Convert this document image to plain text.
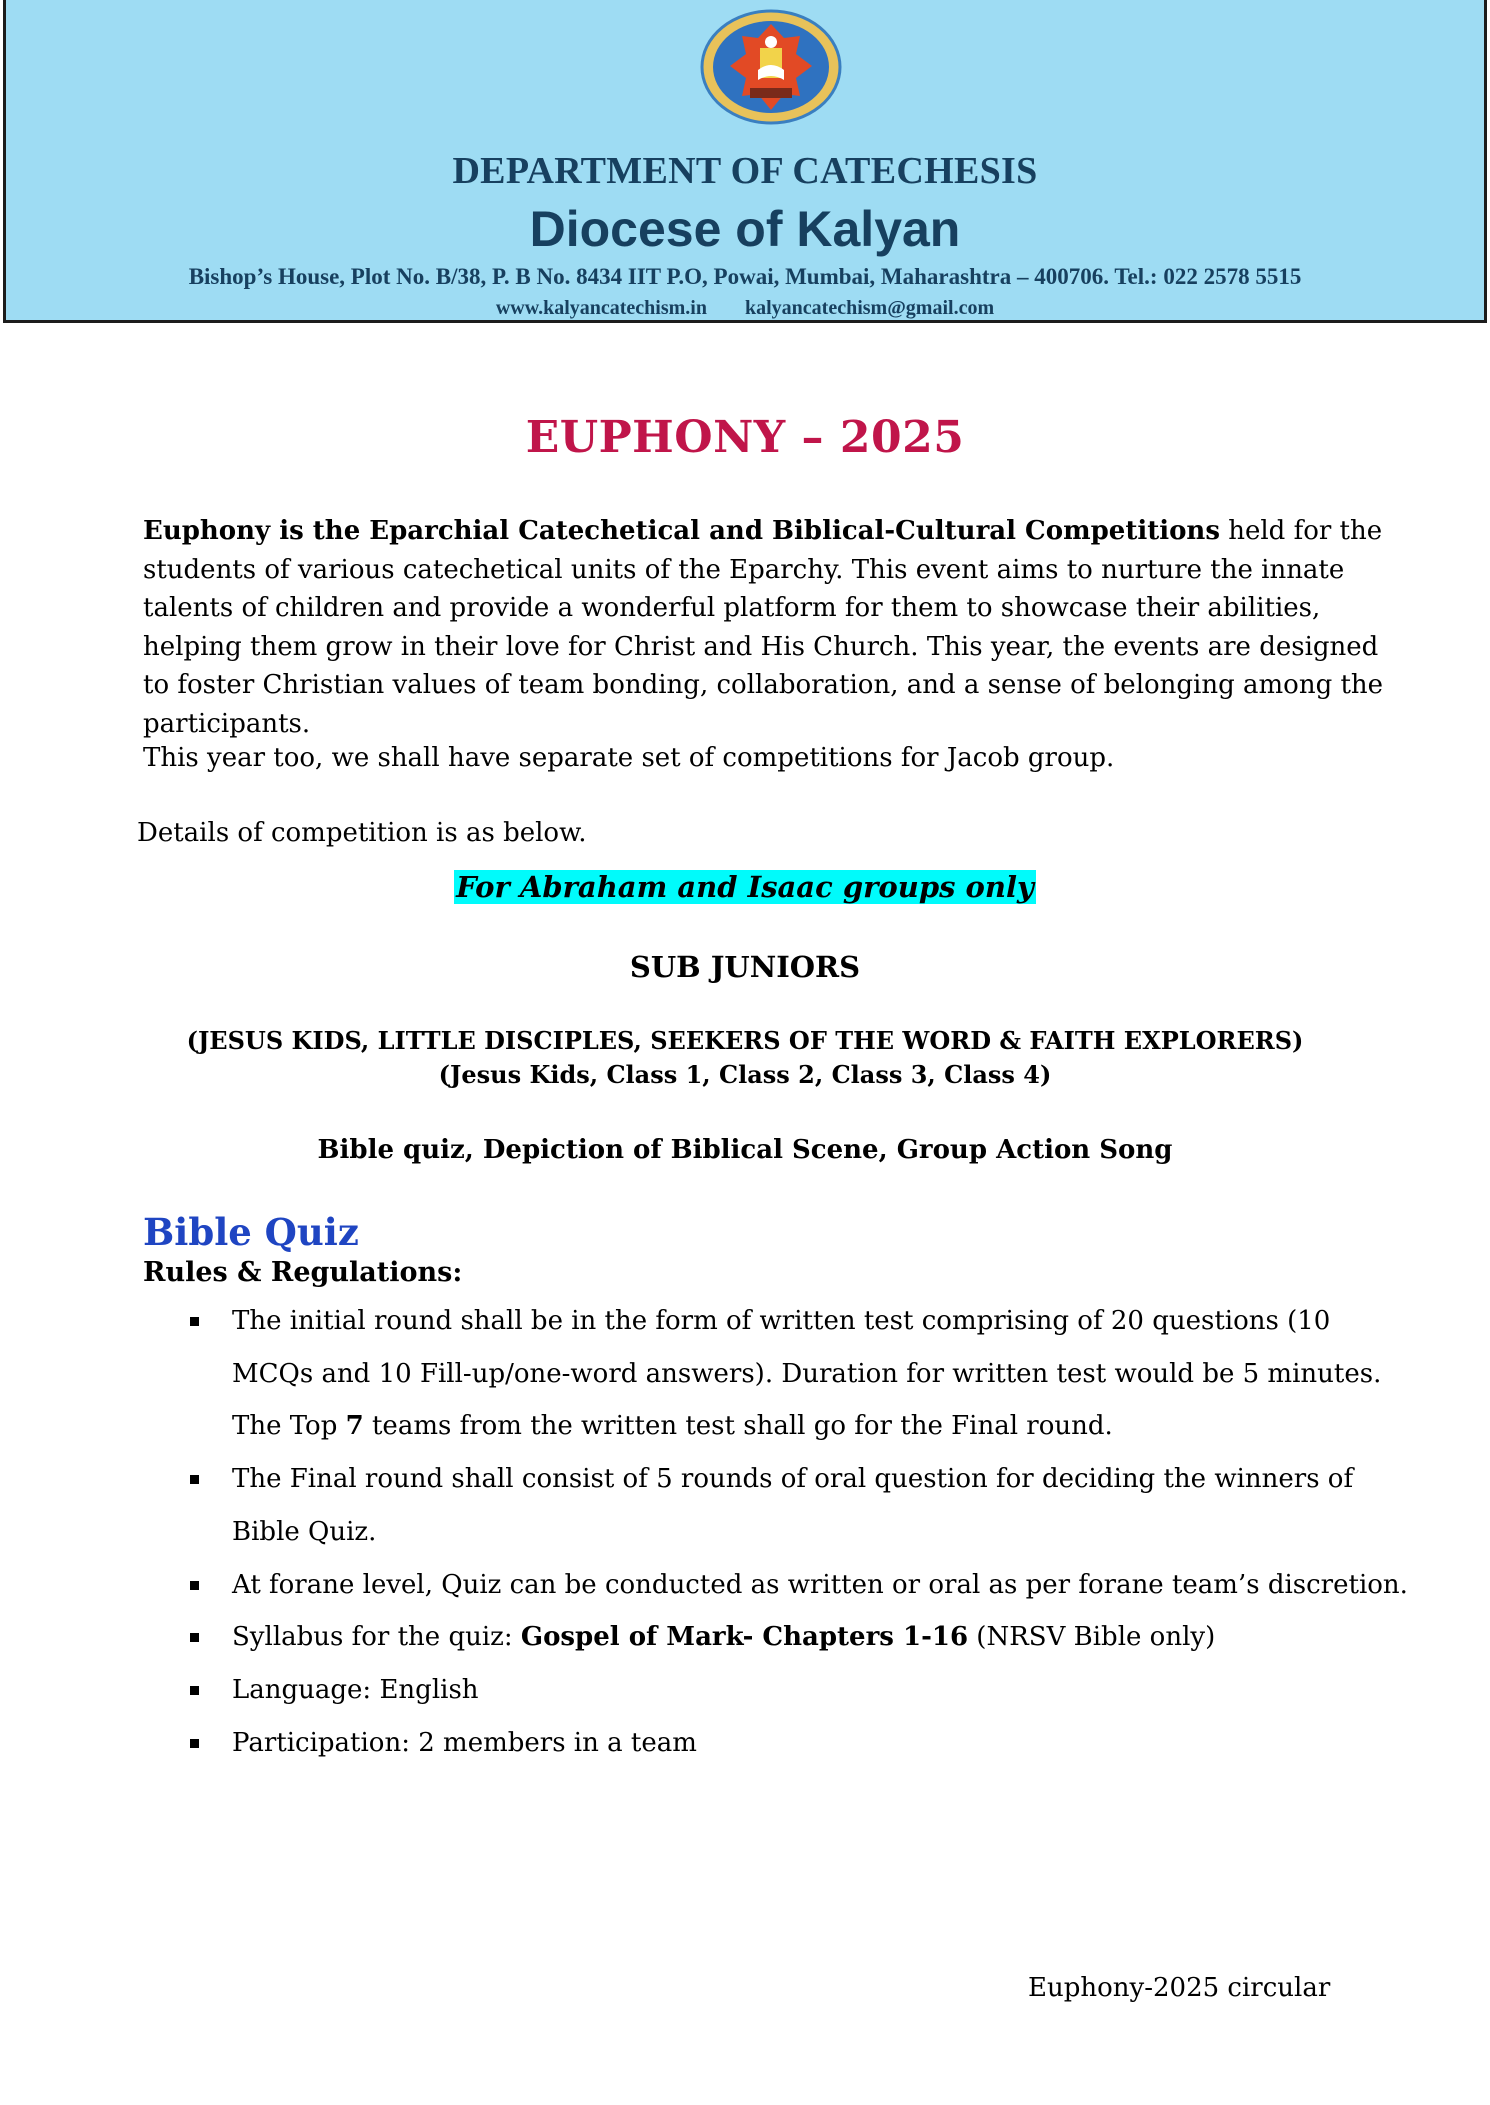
DEPARTMENT OF CATECHESIS
Diocese of Kalyan
Bishop’s House, Plot No. B/38, P. B No. 8434 IIT P.O, Powai, Mumbai, Maharashtra – 400706. Tel.: 022 2578 5515
www.kalyancatechism.in kalyancatechism@gmail.com
EUPHONY – 2025

Euphony is the Eparchial Catechetical and Biblical-Cultural Competitions held for the students of various catechetical units of the Eparchy. This event aims to nurture the innate talents of children and provide a wonderful platform for them to showcase their abilities, helping them grow in their love for Christ and His Church. This year, the events are designed to foster Christian values of team bonding, collaboration, and a sense of belonging among the participants.

This year too, we shall have separate set of competitions for Jacob group.

Details of competition is as below.

For Abraham and Isaac groups only
SUB JUNIORS
(JESUS KIDS, LITTLE DISCIPLES, SEEKERS OF THE WORD & FAITH EXPLORERS)
(Jesus Kids, Class 1, Class 2, Class 3, Class 4)
Bible quiz, Depiction of Biblical Scene, Group Action Song
Bible Quiz
Rules & Regulations:
The initial round shall be in the form of written test comprising of 20 questions (10 MCQs and 10 Fill-up/one-word answers). Duration for written test would be 5 minutes. The Top 7 teams from the written test shall go for the Final round.
The Final round shall consist of 5 rounds of oral question for deciding the winners of Bible Quiz.
At forane level, Quiz can be conducted as written or oral as per forane team’s discretion.
Syllabus for the quiz: Gospel of Mark- Chapters 1-16 (NRSV Bible only)
Language: English
Participation: 2 members in a team
Euphony-2025 circular
